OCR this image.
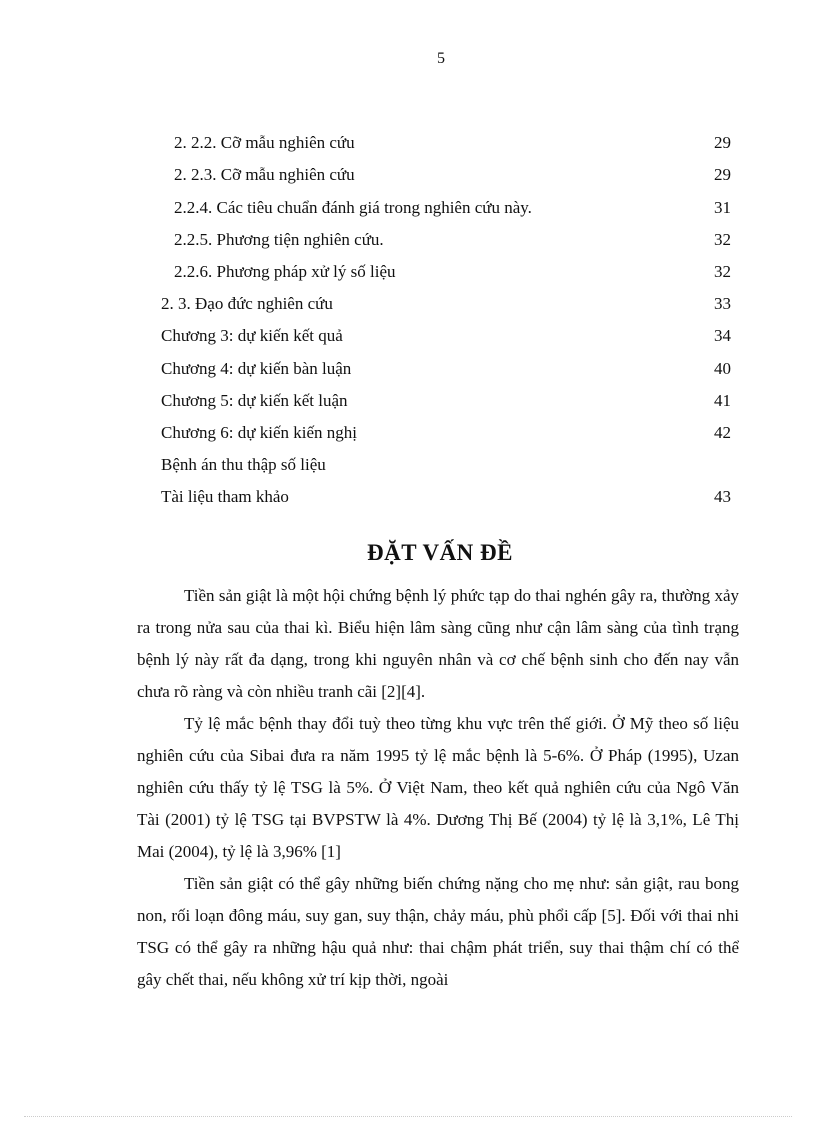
5
2. 2.2. Cỡ mẫu nghiên cứu	29
2. 2.3. Cỡ mẫu nghiên cứu	29
2.2.4. Các tiêu chuẩn đánh giá trong nghiên cứu này.	31
2.2.5. Phương tiện nghiên cứu.	32
2.2.6. Phương pháp xử lý số liệu	32
2. 3. Đạo đức nghiên cứu	33
Chương 3: dự kiến kết quả	34
Chương 4: dự kiến bàn luận	40
Chương 5: dự kiến kết luận	41
Chương 6: dự kiến kiến nghị	42
Bệnh án thu thập số liệu
Tài liệu tham khảo	43
ĐẶT VẤN ĐỀ

Tiền sản giật là một hội chứng bệnh lý phức tạp do thai nghén gây ra, thường xảy ra trong nửa sau của thai kì. Biểu hiện lâm sàng cũng như cận lâm sàng của tình trạng bệnh lý này rất đa dạng, trong khi nguyên nhân và cơ chế bệnh sinh cho đến nay vẫn chưa rõ ràng và còn nhiều tranh cãi [2][4].

Tỷ lệ mắc bệnh thay đổi tuỳ theo từng khu vực trên thế giới. Ở Mỹ theo số liệu nghiên cứu của Sibai đưa ra năm 1995 tỷ lệ mắc bệnh là 5-6%. Ở Pháp (1995), Uzan nghiên cứu thấy tỷ lệ TSG là 5%. Ở Việt Nam, theo kết quả nghiên cứu của Ngô Văn Tài (2001) tỷ lệ TSG tại BVPSTW là 4%. Dương Thị Bế (2004) tỷ lệ là 3,1%, Lê Thị Mai (2004), tỷ lệ là 3,96% [1]

Tiền sản giật có thể gây những biến chứng nặng cho mẹ như: sản giật, rau bong non, rối loạn đông máu, suy gan, suy thận, chảy máu, phù phổi cấp [5]. Đối với thai nhi TSG có thể gây ra những hậu quả như: thai chậm phát triển, suy thai thậm chí có thể gây chết thai, nếu không xử trí kịp thời, ngoài
